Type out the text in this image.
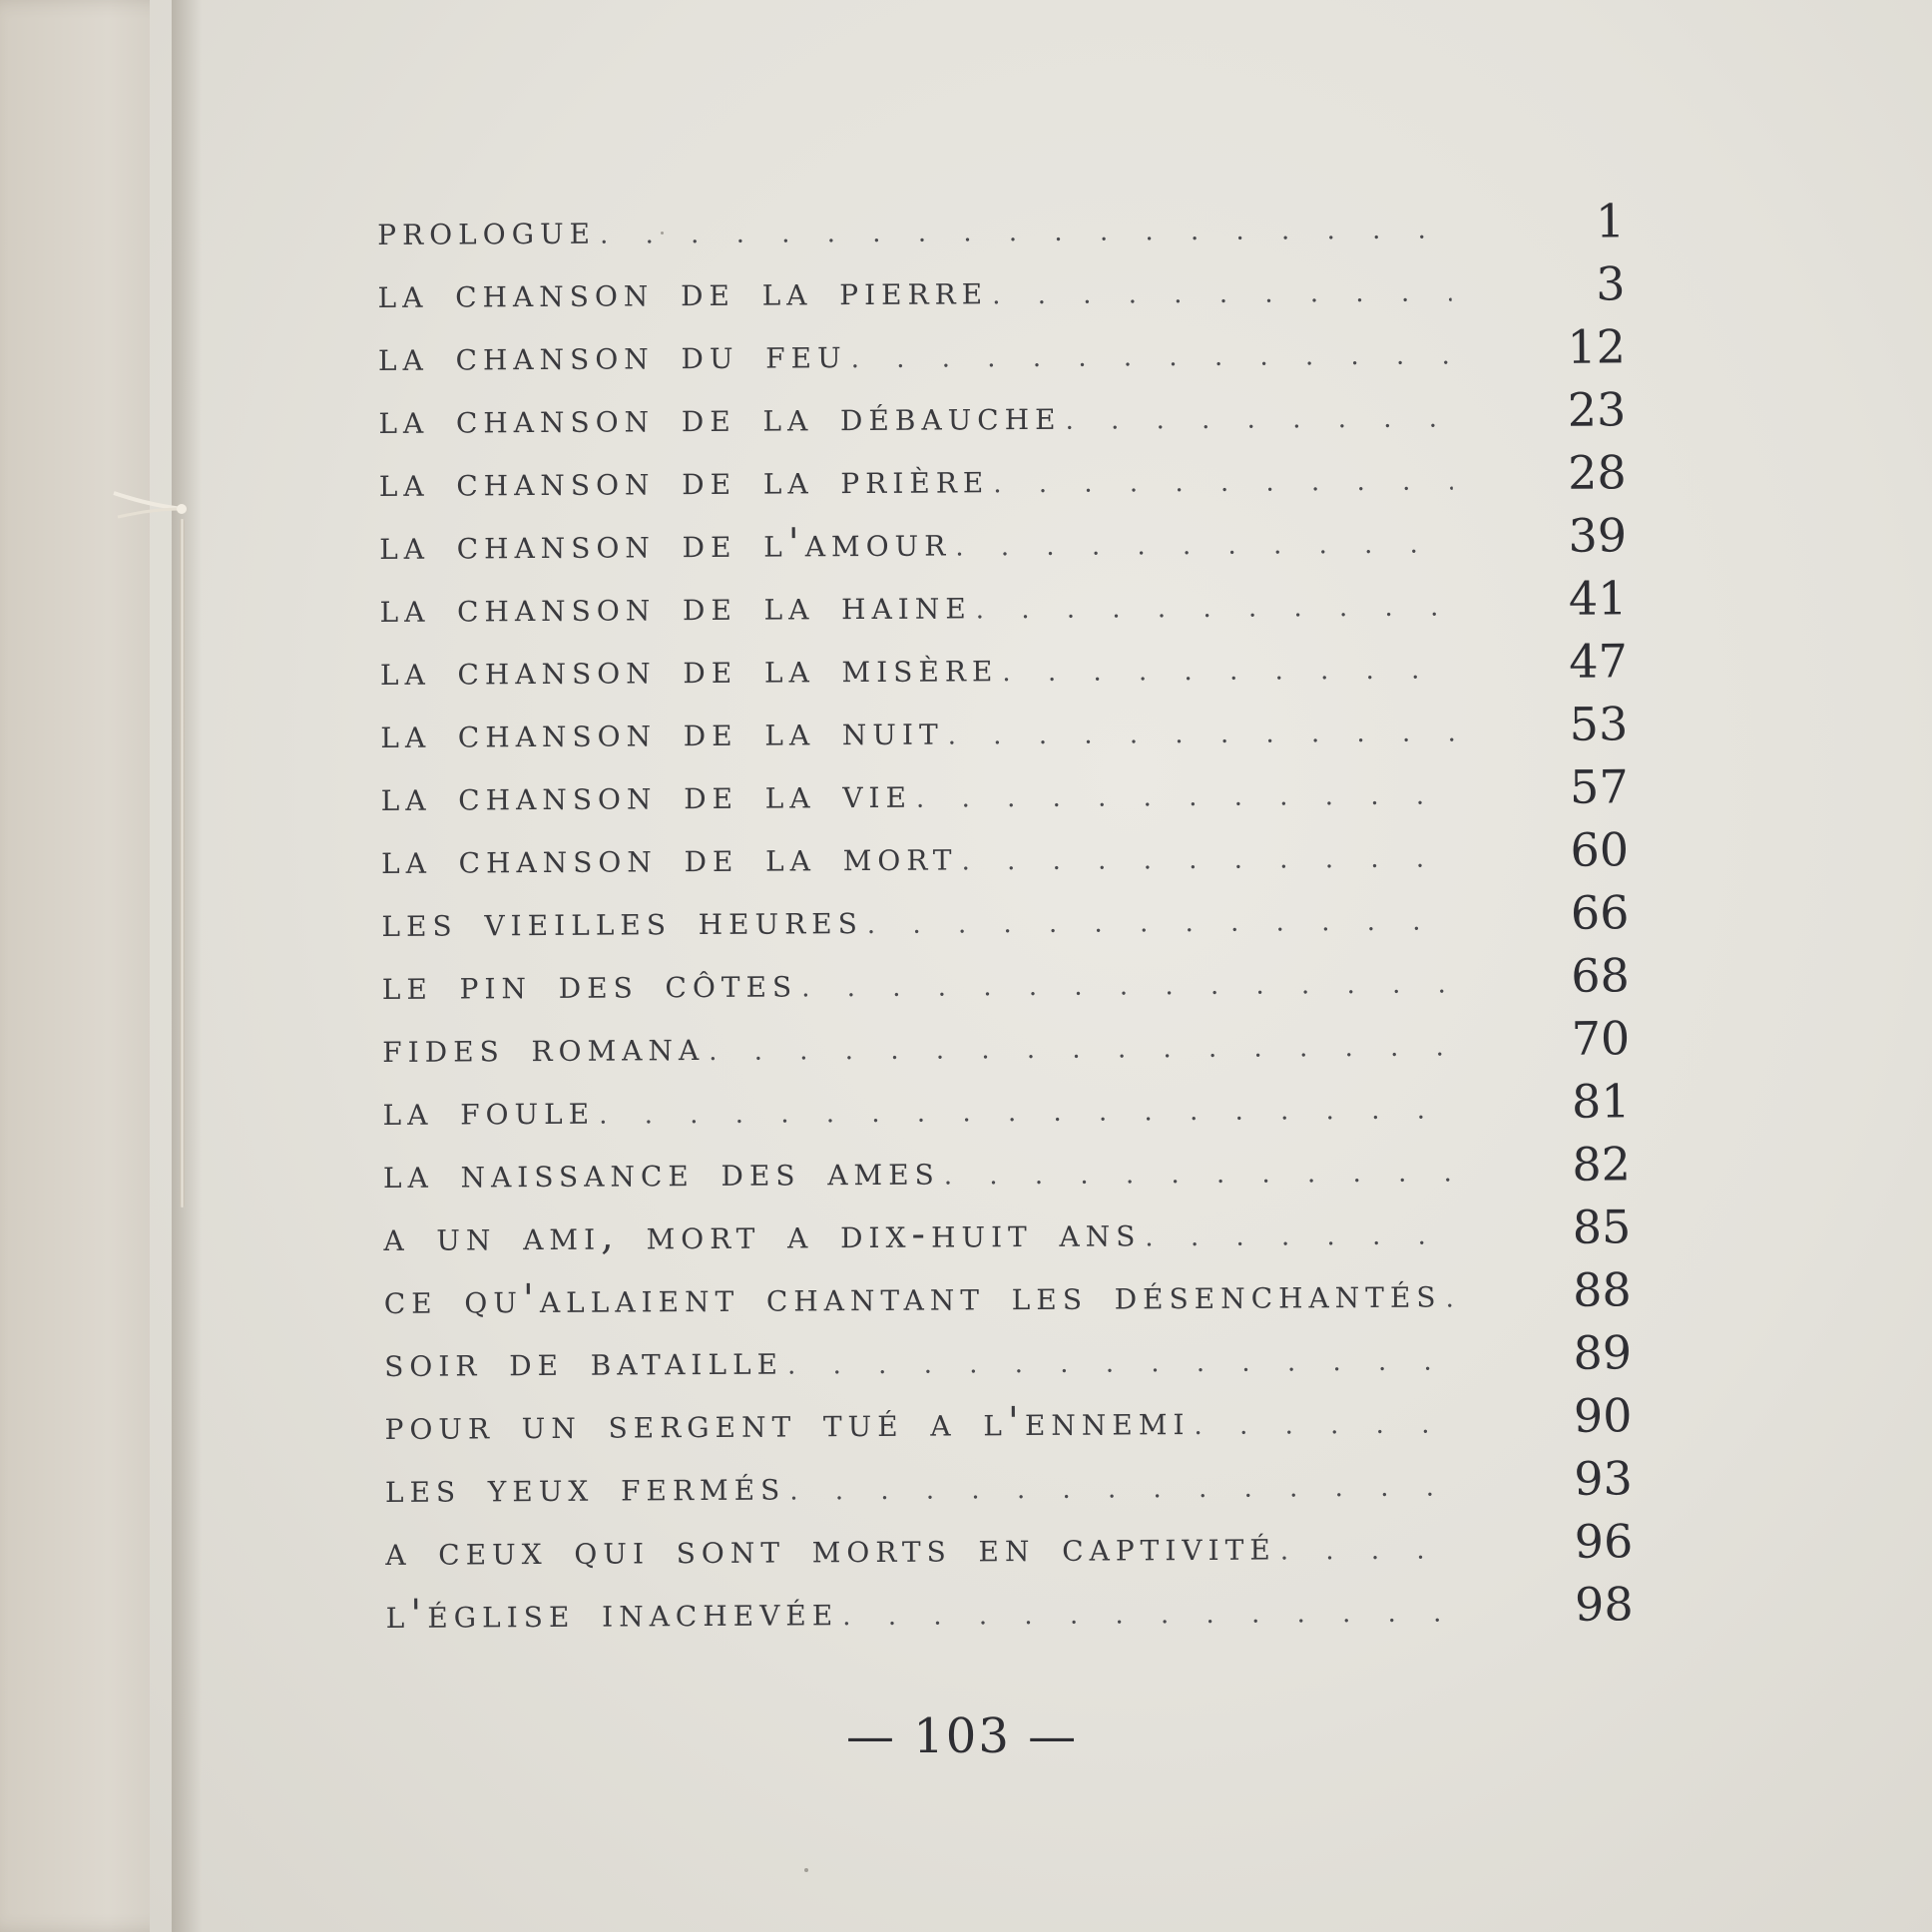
prologue . . .	1
la chanson de la pierre . . .	3
la chanson du feu . . .	12
la chanson de la débauche . . .	23
la chanson de la prière . . .	28
la chanson de l'amour . . .	39
la chanson de la haine . . .	41
la chanson de la misère . . .	47
la chanson de la nuit . . .	53
la chanson de la vie . . .	57
la chanson de la mort . . .	60
les vieilles heures . . .	66
le pin des côtes . . .	68
fides romana . . .	70
la foule . . .	81
la naissance des ames . . .	82
a un ami, mort a dix-huit ans . . .	85
ce qu'allaient chantant les désenchantés . . .	88
soir de bataille . . .	89
pour un sergent tué a l'ennemi . . .	90
les yeux fermés . . .	93
a ceux qui sont morts en captivité . . .	96
l'église inachevée . . .	98
— 103 —
